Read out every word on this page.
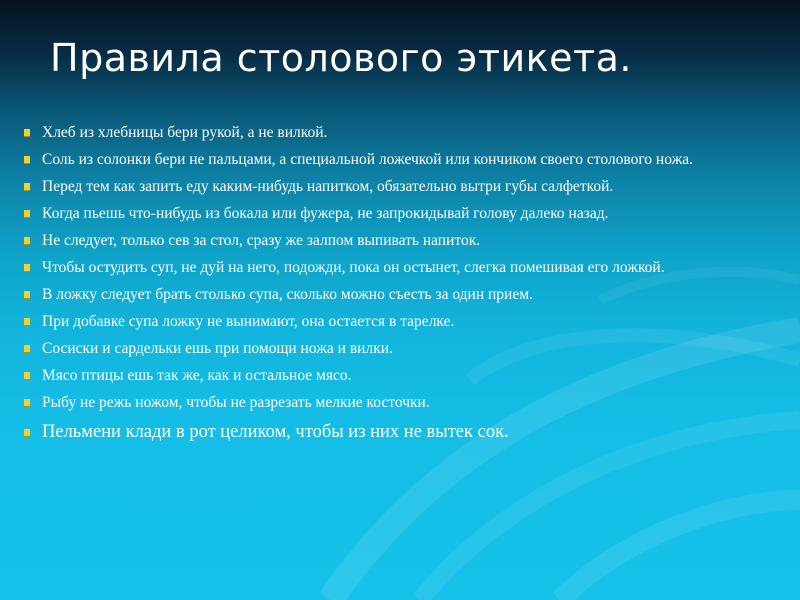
Правила столового этикета.
Хлеб из хлебницы бери рукой, а не вилкой.
Соль из солонки бери не пальцами, а специальной ложечкой или кончиком своего столового ножа.
Перед тем как запить еду каким-нибудь напитком, обязательно вытри губы салфеткой.
Когда пьешь что-нибудь из бокала или фужера, не запрокидывай голову далеко назад.
Не следует, только сев за стол, сразу же залпом выпивать напиток.
Чтобы остудить суп, не дуй на него, подожди, пока он остынет, слегка помешивая его ложкой.
В ложку следует брать столько супа, сколько можно съесть за один прием.
При добавке супа ложку не вынимают, она остается в тарелке.
Сосиски и сардельки ешь при помощи ножа и вилки.
Мясо птицы ешь так же, как и остальное мясо.
Рыбу не режь ножом, чтобы не разрезать мелкие косточки.
Пельмени клади в рот целиком, чтобы из них не вытек сок.
